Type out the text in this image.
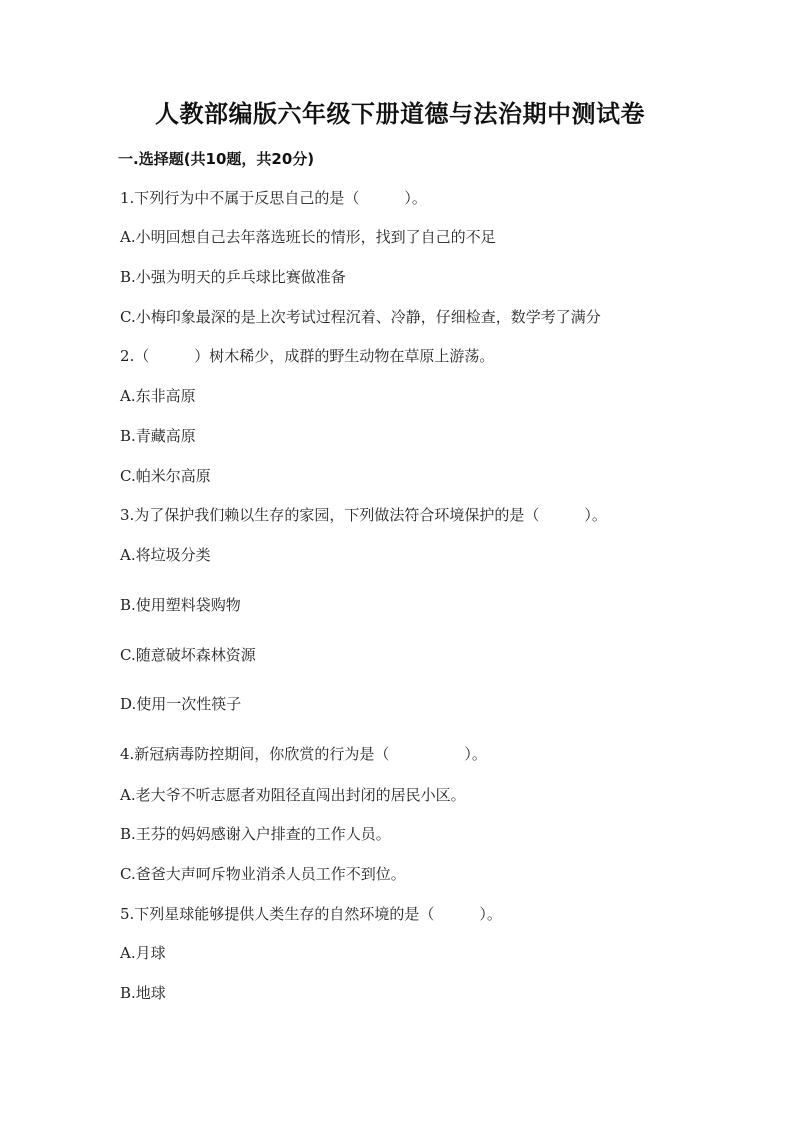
人教部编版六年级下册道德与法治期中测试卷
一.选择题(共10题，共20分)
1.下列行为中不属于反思自己的是（　　　）。
A.小明回想自己去年落选班长的情形，找到了自己的不足
B.小强为明天的乒乓球比赛做准备
C.小梅印象最深的是上次考试过程沉着、冷静，仔细检查，数学考了满分
2.（　　　）树木稀少，成群的野生动物在草原上游荡。
A.东非高原
B.青藏高原
C.帕米尔高原
3.为了保护我们赖以生存的家园，下列做法符合环境保护的是（　　　）。
A.将垃圾分类
B.使用塑料袋购物
C.随意破坏森林资源
D.使用一次性筷子
4.新冠病毒防控期间，你欣赏的行为是（　　　　　）。
A.老大爷不听志愿者劝阻径直闯出封闭的居民小区。
B.王芬的妈妈感谢入户排查的工作人员。
C.爸爸大声呵斥物业消杀人员工作不到位。
5.下列星球能够提供人类生存的自然环境的是（　　　）。
A.月球
B.地球
